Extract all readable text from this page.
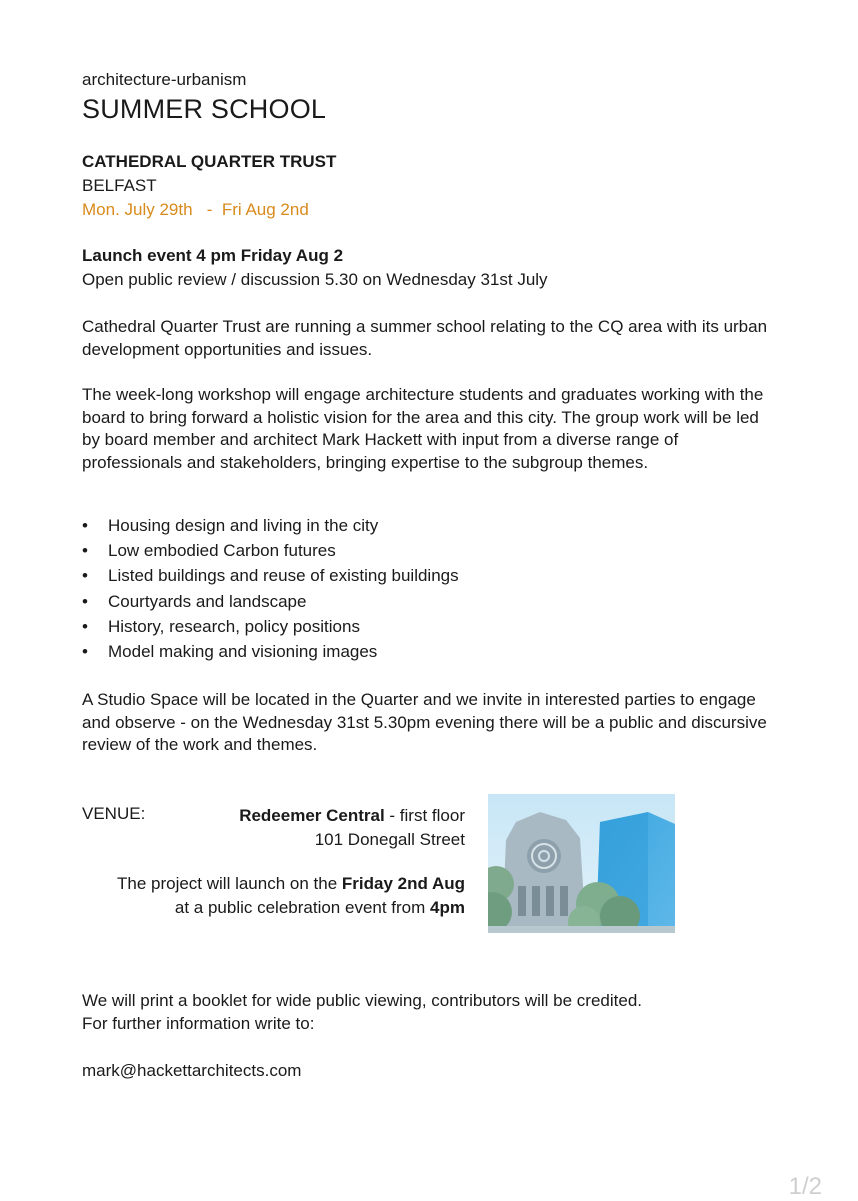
architecture-urbanism
SUMMER SCHOOL
CATHEDRAL QUARTER TRUST
BELFAST
Mon. July 29th   -  Fri Aug 2nd
Launch event 4 pm Friday Aug 2
Open public review / discussion 5.30 on Wednesday 31st July
Cathedral Quarter Trust are running a summer school relating to the CQ area with its urban development opportunities and issues.
The week-long workshop will engage architecture students and graduates working with the board to bring forward a holistic vision for the area and this city. The group work will be led by board member and architect Mark Hackett with input from a diverse range of professionals and stakeholders, bringing expertise to the subgroup themes.
• Housing design and living in the city
• Low embodied Carbon futures
• Listed buildings and reuse of existing buildings
• Courtyards and landscape
• History, research, policy positions
• Model making and visioning images
A Studio Space will be located in the Quarter and we invite in interested parties to engage and observe - on the Wednesday 31st 5.30pm evening there will be a public and discursive review of the work and themes.
VENUE:	Redeemer Central - first floor
101 Donegall Street
The project will launch on the Friday 2nd Aug
at a public celebration event from 4pm
We will print a booklet for wide public viewing, contributors will be credited.
For further information write to:
mark@hackettarchitects.com
1/2
